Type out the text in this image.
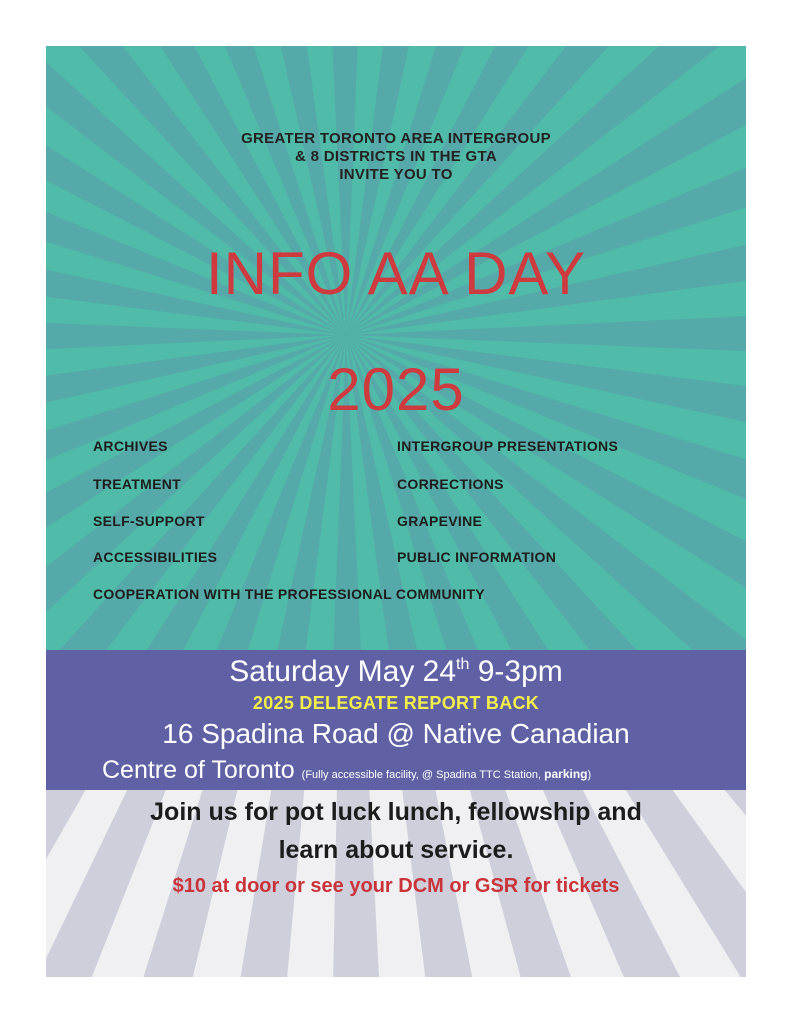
GREATER TORONTO AREA INTERGROUP
& 8 DISTRICTS IN THE GTA
INVITE YOU TO
INFO AA DAY
2025
ARCHIVES	INTERGROUP PRESENTATIONS
TREATMENT	CORRECTIONS
SELF-SUPPORT	GRAPEVINE
ACCESSIBILITIES	PUBLIC INFORMATION
COOPERATION WITH THE PROFESSIONAL COMMUNITY
Saturday May 24th 9-3pm
2025 DELEGATE REPORT BACK
16 Spadina Road @ Native Canadian
Centre of Toronto (Fully accessible facility, @ Spadina TTC Station, parking)
Join us for pot luck lunch, fellowship and
learn about service.
$10 at door or see your DCM or GSR for tickets
